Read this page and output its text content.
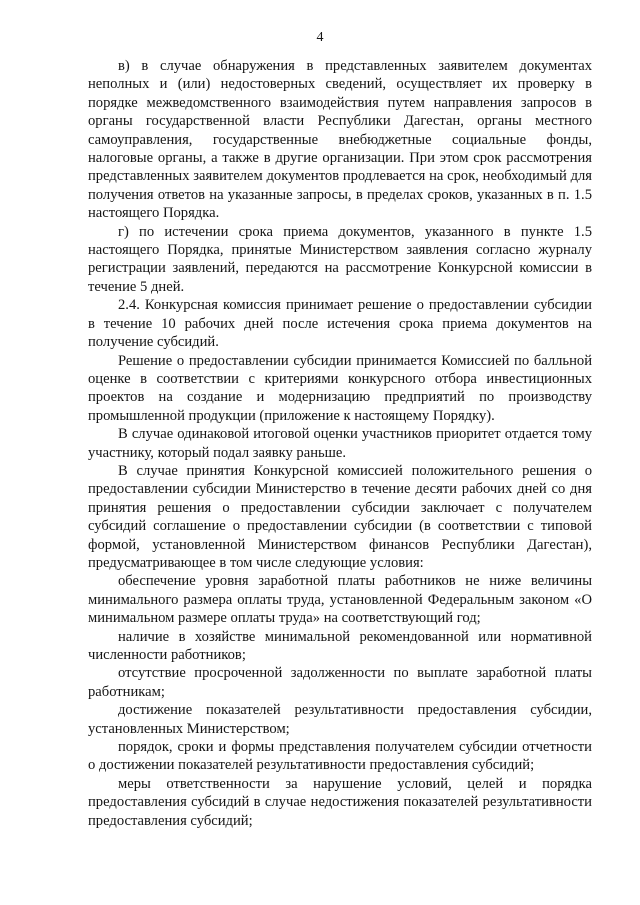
4

в) в случае обнаружения в представленных заявителем документах неполных и (или) недостоверных сведений, осуществляет их проверку в порядке межведомственного взаимодействия путем направления запросов в органы государственной власти Республики Дагестан, органы местного самоуправления, государственные внебюджетные социальные фонды, налоговые органы, а также в другие организации. При этом срок рассмотрения представленных заявителем документов продлевается на срок, необходимый для получения ответов на указанные запросы, в пределах сроков, указанных в п. 1.5 настоящего Порядка.

г) по истечении срока приема документов, указанного в пункте 1.5 настоящего Порядка, принятые Министерством заявления согласно журналу регистрации заявлений, передаются на рассмотрение Конкурсной комиссии в течение 5 дней.

2.4. Конкурсная комиссия принимает решение о предоставлении субсидии в течение 10 рабочих дней после истечения срока приема документов на получение субсидий.

Решение о предоставлении субсидии принимается Комиссией по балльной оценке в соответствии с критериями конкурсного отбора инвестиционных проектов на создание и модернизацию предприятий по производству промышленной продукции (приложение к настоящему Порядку).

В случае одинаковой итоговой оценки участников приоритет отдается тому участнику, который подал заявку раньше.

В случае принятия Конкурсной комиссией положительного решения о предоставлении субсидии Министерство в течение десяти рабочих дней со дня принятия решения о предоставлении субсидии заключает с получателем субсидий соглашение о предоставлении субсидии (в соответствии с типовой формой, установленной Министерством финансов Республики Дагестан), предусматривающее в том числе следующие условия:

обеспечение уровня заработной платы работников не ниже величины минимального размера оплаты труда, установленной Федеральным законом «О минимальном размере оплаты труда» на соответствующий год;

наличие в хозяйстве минимальной рекомендованной или нормативной численности работников;

отсутствие просроченной задолженности по выплате заработной платы работникам;

достижение показателей результативности предоставления субсидии, установленных Министерством;

порядок, сроки и формы представления получателем субсидии отчетности о достижении показателей результативности предоставления субсидий;

меры ответственности за нарушение условий, целей и порядка предоставления субсидий в случае недостижения показателей результативности предоставления субсидий;
